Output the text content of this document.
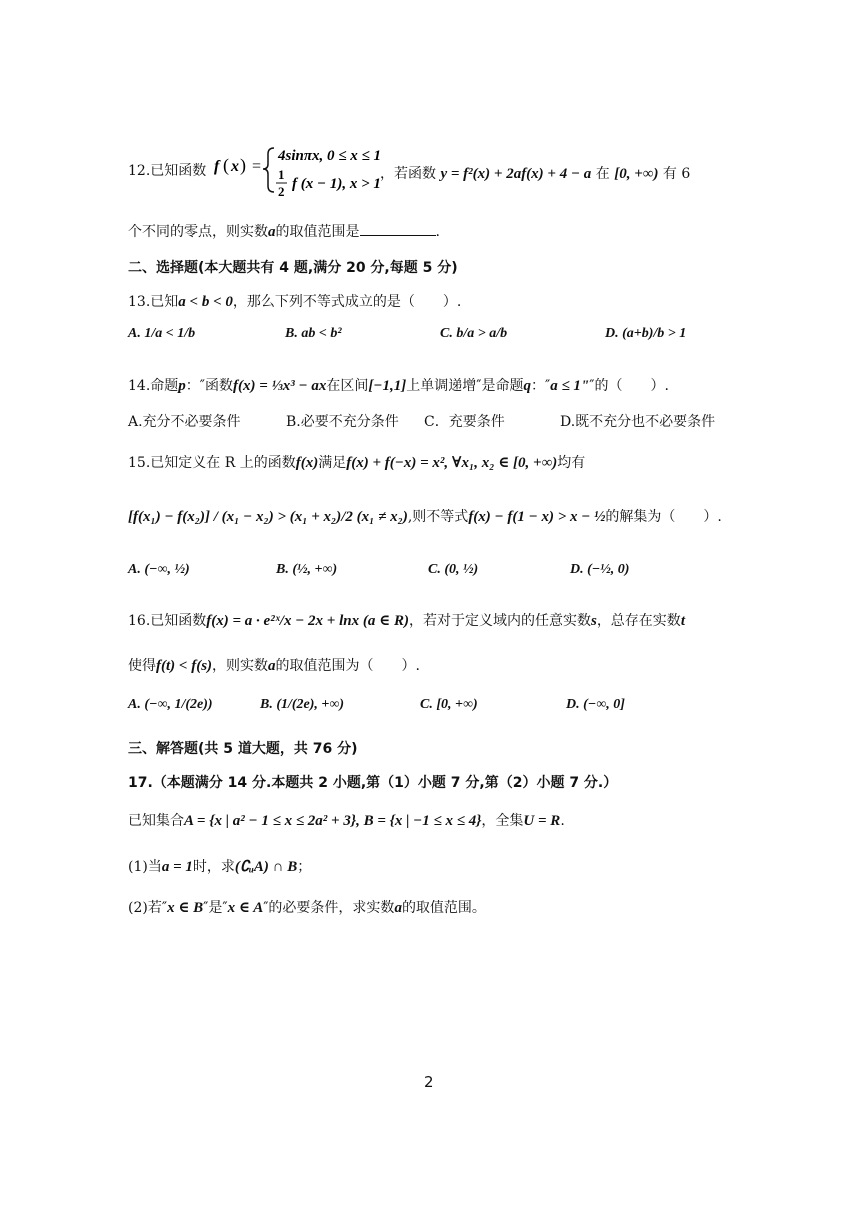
12.已知函数 f ( x ) =
4sinπx, 0 ≤ x ≤ 1
1
2 f (x − 1), x > 1
，若函数 y = f²(x) + 2af(x) + 4 − a 在 [0, +∞) 有 6
个不同的零点，则实数a的取值范围是	.
二、选择题(本大题共有 4 题,满分 20 分,每题 5 分)
13.已知a < b < 0，那么下列不等式成立的是（　　）.
A. 1/a < 1/b	B. ab < b²	C. b/a > a/b	D. (a+b)/b > 1
14.命题p：″函数f(x) = ⅓x³ − ax在区间[−1,1]上单调递增″是命题q：″a ≤ 1"″的（　　）.
A.充分不必要条件	B.必要不充分条件 C．充要条件	D.既不充分也不必要条件
15.已知定义在 R 上的函数f(x)满足f(x) + f(−x) = x², ∀x₁, x₂ ∈ [0, +∞)均有
[f(x₁) − f(x₂)] / (x₁ − x₂) > (x₁ + x₂)/2 (x₁ ≠ x₂),则不等式f(x) − f(1 − x) > x − ½的解集为（　　）.
A. (−∞, ½)	B. (½, +∞)	C. (0, ½)	D. (−½, 0)
16.已知函数f(x) = a · e²ˣ/x − 2x + lnx (a ∈ R)，若对于定义域内的任意实数s，总存在实数t
使得f(t) < f(s)，则实数a的取值范围为（　　）.
A. (−∞, 1/(2e))	B. (1/(2e), +∞)	C. [0, +∞)	D. (−∞, 0]
三、解答题(共 5 道大题，共 76 分)
17.（本题满分 14 分.本题共 2 小题,第（1）小题 7 分,第（2）小题 7 分.）
已知集合A = {x | a² − 1 ≤ x ≤ 2a² + 3}, B = {x | −1 ≤ x ≤ 4}，全集U = R.
(1)当a = 1时，求(∁ᵤA) ∩ B；
(2)若″x ∈ B″是″x ∈ A″的必要条件，求实数a的取值范围。
2
